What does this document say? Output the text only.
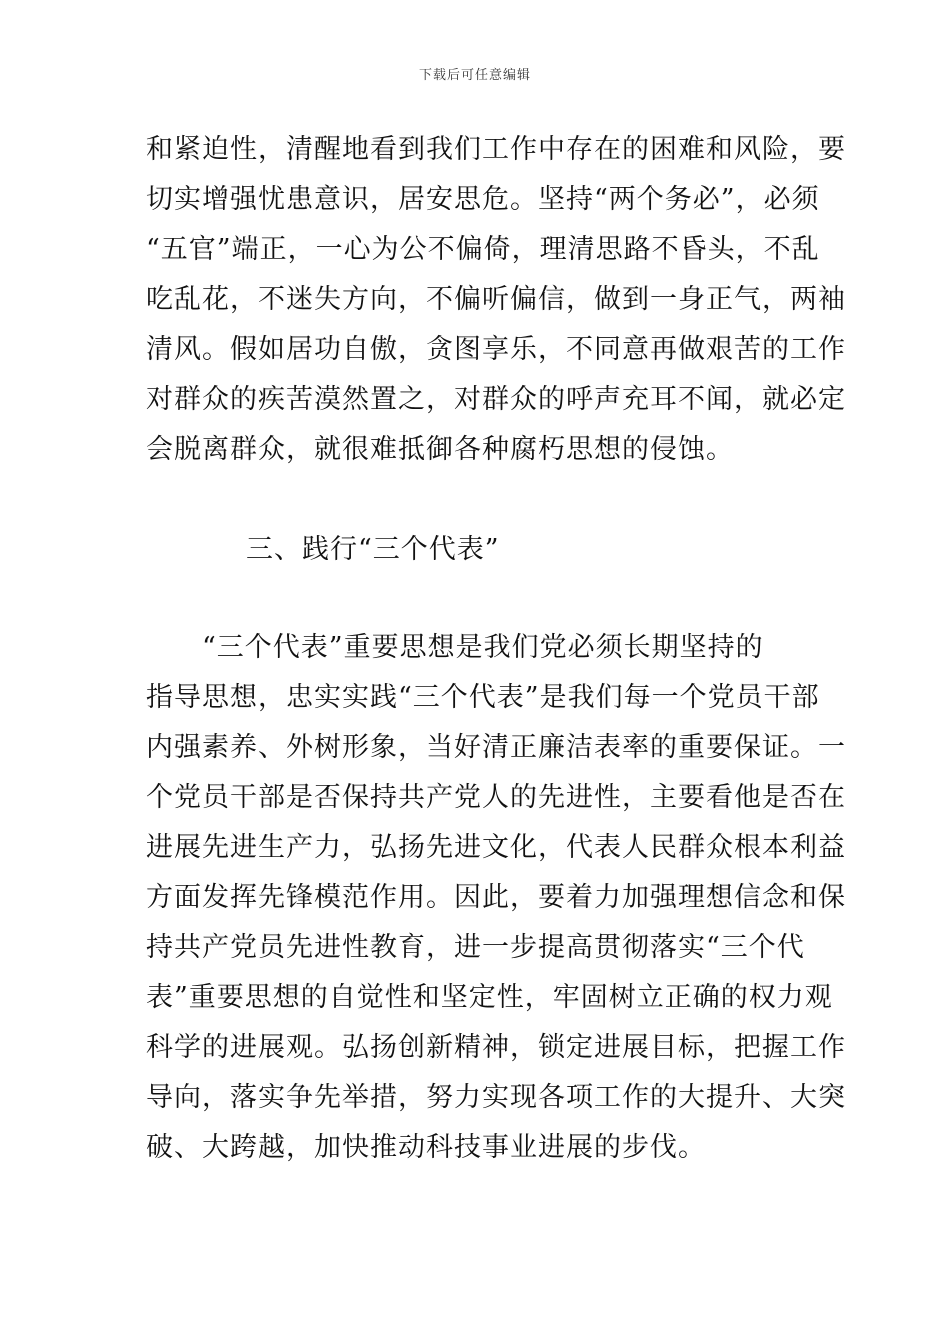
下载后可任意编辑
和紧迫性，清醒地看到我们工作中存在的困难和风险，要
切实增强忧患意识，居安思危。坚持“两个务必”，必须
“五官”端正，一心为公不偏倚，理清思路不昏头，不乱
吃乱花，不迷失方向，不偏听偏信，做到一身正气，两袖
清风。假如居功自傲，贪图享乐，不同意再做艰苦的工作
对群众的疾苦漠然置之，对群众的呼声充耳不闻，就必定
会脱离群众，就很难抵御各种腐朽思想的侵蚀。
三、践行“三个代表”
　　“三个代表”重要思想是我们党必须长期坚持的
指导思想，忠实实践“三个代表”是我们每一个党员干部
内强素养、外树形象，当好清正廉洁表率的重要保证。一
个党员干部是否保持共产党人的先进性，主要看他是否在
进展先进生产力，弘扬先进文化，代表人民群众根本利益
方面发挥先锋模范作用。因此，要着力加强理想信念和保
持共产党员先进性教育，进一步提高贯彻落实“三个代
表”重要思想的自觉性和坚定性，牢固树立正确的权力观
科学的进展观。弘扬创新精神，锁定进展目标，把握工作
导向，落实争先举措，努力实现各项工作的大提升、大突
破、大跨越，加快推动科技事业进展的步伐。
